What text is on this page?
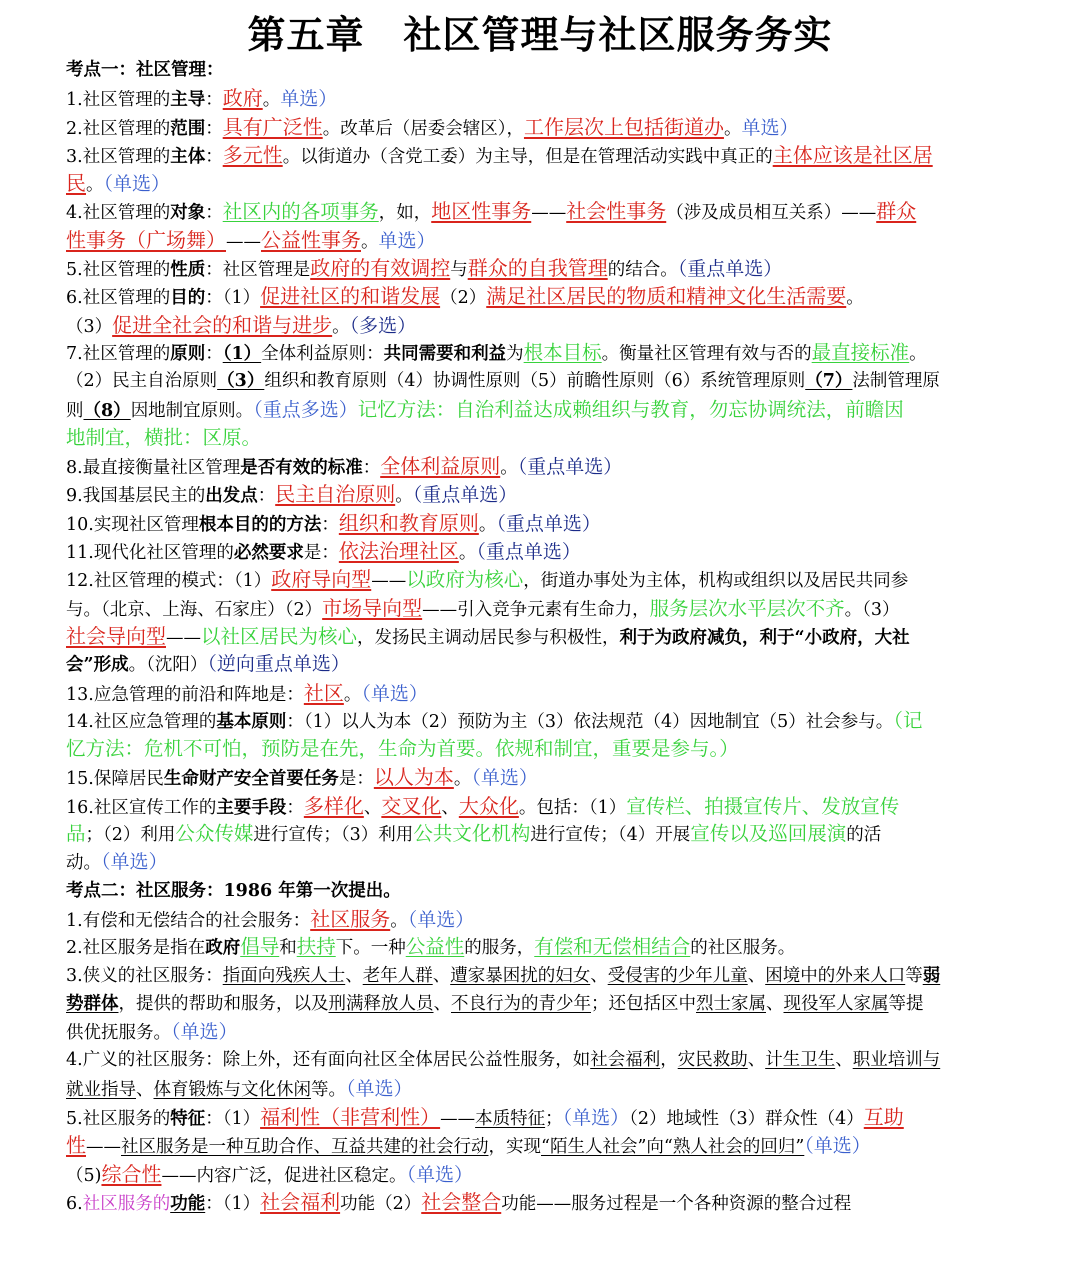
第五章　社区管理与社区服务务实
考点一：社区管理：
1.社区管理的主导：政府。单选）
2.社区管理的范围：具有广泛性。改革后（居委会辖区），工作层次上包括街道办。单选）
3.社区管理的主体：多元性。以街道办（含党工委）为主导，但是在管理活动实践中真正的主体应该是社区居
民。（单选）
4.社区管理的对象：社区内的各项事务，如，地区性事务——社会性事务（涉及成员相互关系）——群众
性事务（广场舞）——公益性事务。单选）
5.社区管理的性质：社区管理是政府的有效调控与群众的自我管理的结合。（重点单选）
6.社区管理的目的：（1）促进社区的和谐发展（2）满足社区居民的物质和精神文化生活需要。
（3）促进全社会的和谐与进步。（多选）
7.社区管理的原则：（1）全体利益原则：共同需要和利益为根本目标。衡量社区管理有效与否的最直接标准。
（2）民主自治原则（3）组织和教育原则（4）协调性原则（5）前瞻性原则（6）系统管理原则（7）法制管理原
则（8）因地制宜原则。（重点多选）记忆方法：自治利益达成赖组织与教育，勿忘协调统法，前瞻因
地制宜，横批：区原。
8.最直接衡量社区管理是否有效的标准：全体利益原则。（重点单选）
9.我国基层民主的出发点：民主自治原则。（重点单选）
10.实现社区管理根本目的的方法：组织和教育原则。（重点单选）
11.现代化社区管理的必然要求是：依法治理社区。（重点单选）
12.社区管理的模式：（1）政府导向型——以政府为核心，街道办事处为主体，机构或组织以及居民共同参
与。（北京、上海、石家庄）（2）市场导向型——引入竞争元素有生命力，服务层次水平层次不齐。（3）
社会导向型——以社区居民为核心，发扬民主调动居民参与积极性，利于为政府减负，利于“小政府，大社
会”形成。（沈阳）（逆向重点单选）
13.应急管理的前沿和阵地是：社区。（单选）
14.社区应急管理的基本原则：（1）以人为本（2）预防为主（3）依法规范（4）因地制宜（5）社会参与。（记
忆方法：危机不可怕，预防是在先，生命为首要。依规和制宜，重要是参与。）
15.保障居民生命财产安全首要任务是：以人为本。（单选）
16.社区宣传工作的主要手段：多样化、交叉化、大众化。包括：（1）宣传栏、拍摄宣传片、发放宣传
品；（2）利用公众传媒进行宣传；（3）利用公共文化机构进行宣传；（4）开展宣传以及巡回展演的活
动。（单选）
考点二：社区服务：1986 年第一次提出。
1.有偿和无偿结合的社会服务：社区服务。（单选）
2.社区服务是指在政府倡导和扶持下。一种公益性的服务，有偿和无偿相结合的社区服务。
3.侠义的社区服务：指面向残疾人士、老年人群、遭家暴困扰的妇女、受侵害的少年儿童、困境中的外来人口等弱
势群体，提供的帮助和服务，以及刑满释放人员、不良行为的青少年；还包括区中烈士家属、现役军人家属等提
供优抚服务。（单选）
4.广义的社区服务：除上外，还有面向社区全体居民公益性服务，如社会福利，灾民救助、计生卫生、职业培训与
就业指导、体育锻炼与文化休闲等。（单选）
5.社区服务的特征：（1）福利性（非营利性）——本质特征；（单选）（2）地域性（3）群众性（4）互助
性——社区服务是一种互助合作、互益共建的社会行动，实现“陌生人社会”向“熟人社会的回归”（单选）
（5)综合性——内容广泛，促进社区稳定。（单选）
6.社区服务的功能：（1）社会福利功能（2）社会整合功能——服务过程是一个各种资源的整合过程
